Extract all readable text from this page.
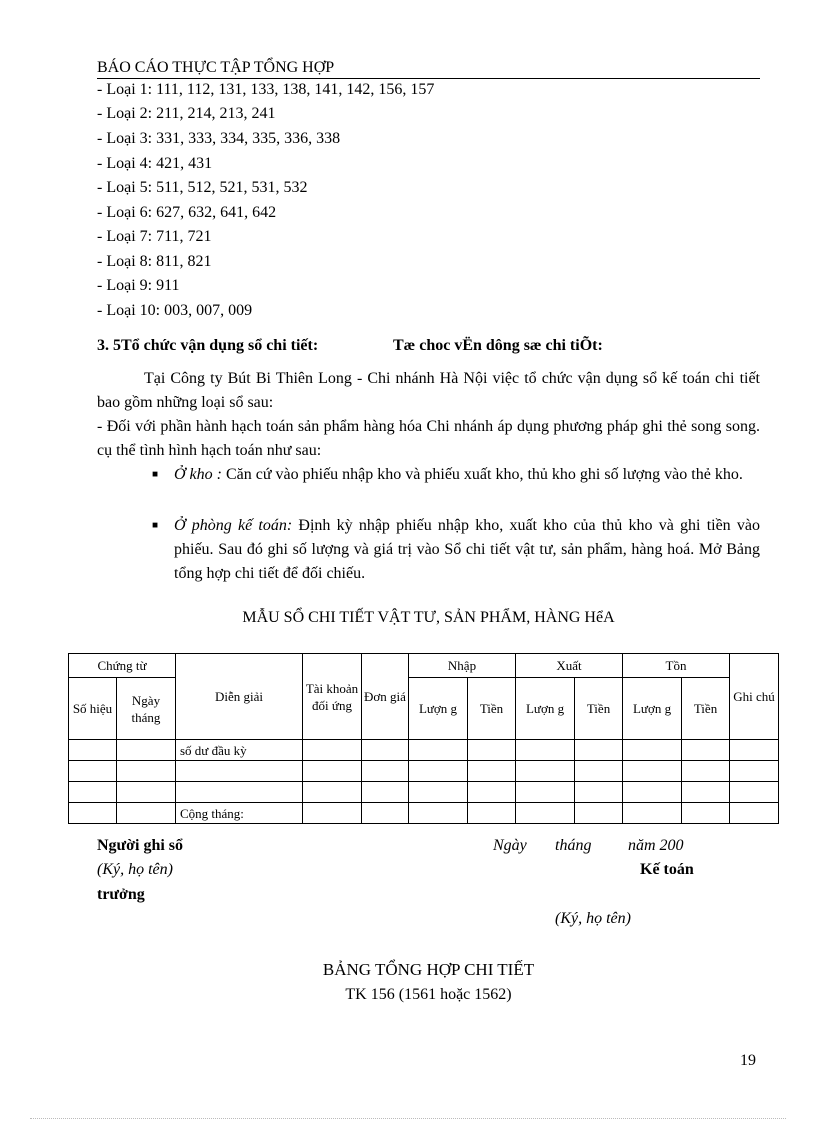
BÁO CÁO THỰC TẬP TỔNG HỢP
- Loại 1: 111, 112, 131, 133, 138, 141, 142, 156, 157
- Loại 2: 211, 214, 213, 241
- Loại 3: 331, 333, 334, 335, 336, 338
- Loại 4: 421, 431
- Loại 5: 511, 512, 521, 531, 532
- Loại 6: 627, 632, 641, 642
- Loại 7: 711, 721
- Loại 8: 811, 821
- Loại 9: 911
- Loại 10: 003, 007, 009
3. 5Tổ chức vận dụng sổ chi tiết:	Tæ choc vËn dông sæ chi tiÕt:
Tại Công ty Bút Bi Thiên Long - Chi nhánh Hà Nội việc tổ chức vận dụng sổ kế toán chi tiết bao gồm những loại sổ sau:
- Đối với phần hành hạch toán sản phẩm hàng hóa Chi nhánh áp dụng phương pháp ghi thẻ song song. cụ thể tình hình hạch toán như sau:
■ Ở kho : Căn cứ vào phiếu nhập kho và phiếu xuất kho, thủ kho ghi số lượng vào thẻ kho.
■ Ở phòng kế toán: Định kỳ nhập phiếu nhập kho, xuất kho của thủ kho và ghi tiền vào phiếu. Sau đó ghi số lượng và giá trị vào Sổ chi tiết vật tư, sản phẩm, hàng hoá. Mở Bảng tổng hợp chi tiết để đối chiếu.
MẪU SỔ CHI TIẾT VẬT TƯ, SẢN PHẨM, HÀNG HểA
Chứng từ		Diễn giải	Tài khoản đối ứng	Đơn giá	Nhập		Xuất		Tồn		Ghi chú
Số hiệu	Ngày tháng				Lượn g	Tiền	Lượn g	Tiền	Lượn g	Tiền	
		số dư đầu kỳ									

		Cộng tháng:									
Người ghi sổ	Ngày tháng năm 200
(Ký, họ tên)	Kế toán
trưởng
(Ký, họ tên)
BẢNG TỔNG HỢP CHI TIẾT
TK 156 (1561 hoặc 1562)
19
